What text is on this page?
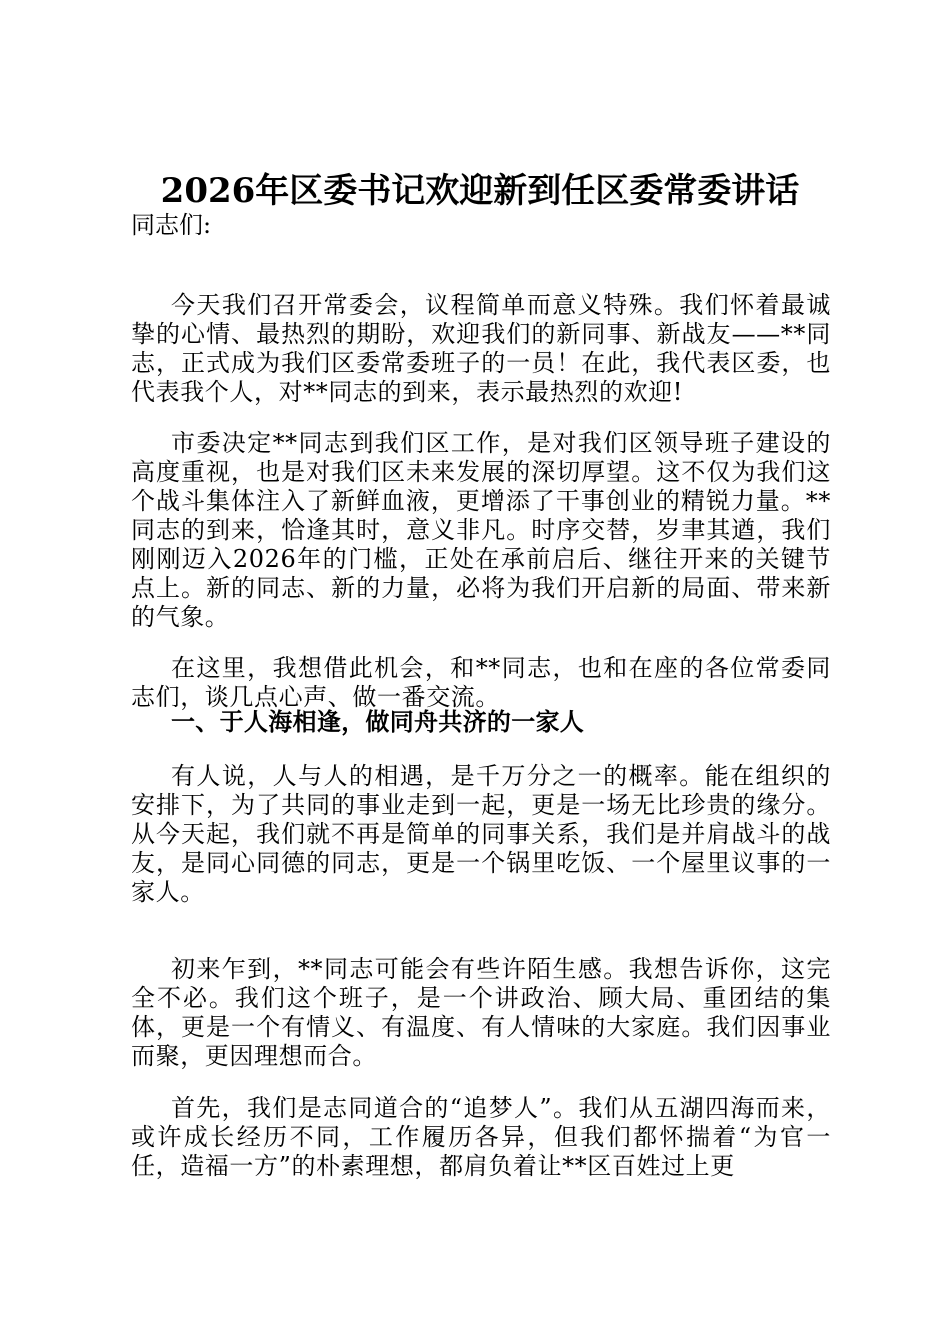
2026年区委书记欢迎新到任区委常委讲话

同志们:

今天我们召开常委会，议程简单而意义特殊。我们怀着最诚挚的心情、最热烈的期盼，欢迎我们的新同事、新战友——**同志，正式成为我们区委常委班子的一员！在此，我代表区委，也代表我个人，对**同志的到来，表示最热烈的欢迎!

市委决定**同志到我们区工作，是对我们区领导班子建设的高度重视，也是对我们区未来发展的深切厚望。这不仅为我们这个战斗集体注入了新鲜血液，更增添了干事创业的精锐力量。**同志的到来，恰逢其时，意义非凡。时序交替，岁聿其遒，我们刚刚迈入2026年的门槛，正处在承前启后、继往开来的关键节点上。新的同志、新的力量，必将为我们开启新的局面、带来新的气象。

在这里，我想借此机会，和**同志，也和在座的各位常委同志们，谈几点心声、做一番交流。

一、于人海相逢，做同舟共济的一家人

有人说，人与人的相遇，是千万分之一的概率。能在组织的安排下，为了共同的事业走到一起，更是一场无比珍贵的缘分。从今天起，我们就不再是简单的同事关系，我们是并肩战斗的战友，是同心同德的同志，更是一个锅里吃饭、一个屋里议事的一家人。

初来乍到，**同志可能会有些许陌生感。我想告诉你，这完全不必。我们这个班子，是一个讲政治、顾大局、重团结的集体，更是一个有情义、有温度、有人情味的大家庭。我们因事业而聚，更因理想而合。

首先，我们是志同道合的“追梦人”。我们从五湖四海而来，或许成长经历不同，工作履历各异，但我们都怀揣着“为官一任，造福一方”的朴素理想，都肩负着让**区百姓过上更
